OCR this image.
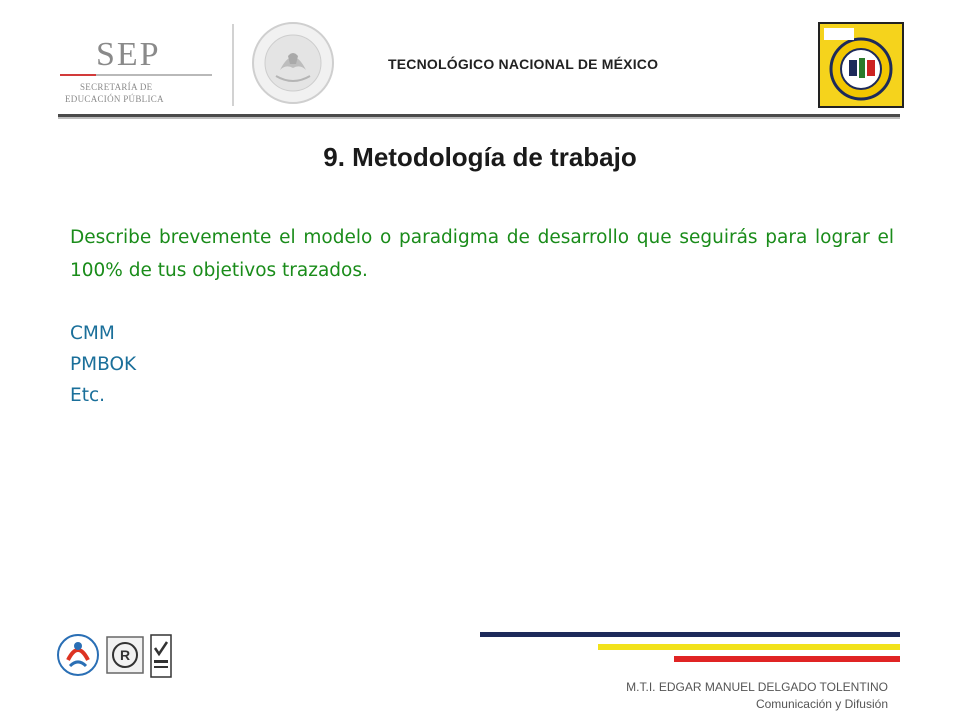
SEP
SECRETARÍA DE
EDUCACIÓN PÚBLICA
TECNOLÓGICO NACIONAL DE MÉXICO
9. Metodología de trabajo
Describe brevemente el modelo o paradigma de desarrollo que seguirás para lograr el 100% de tus objetivos trazados.
CMM
PMBOK
Etc.
R
M.T.I. EDGAR MANUEL DELGADO TOLENTINO
Comunicación y Difusión
